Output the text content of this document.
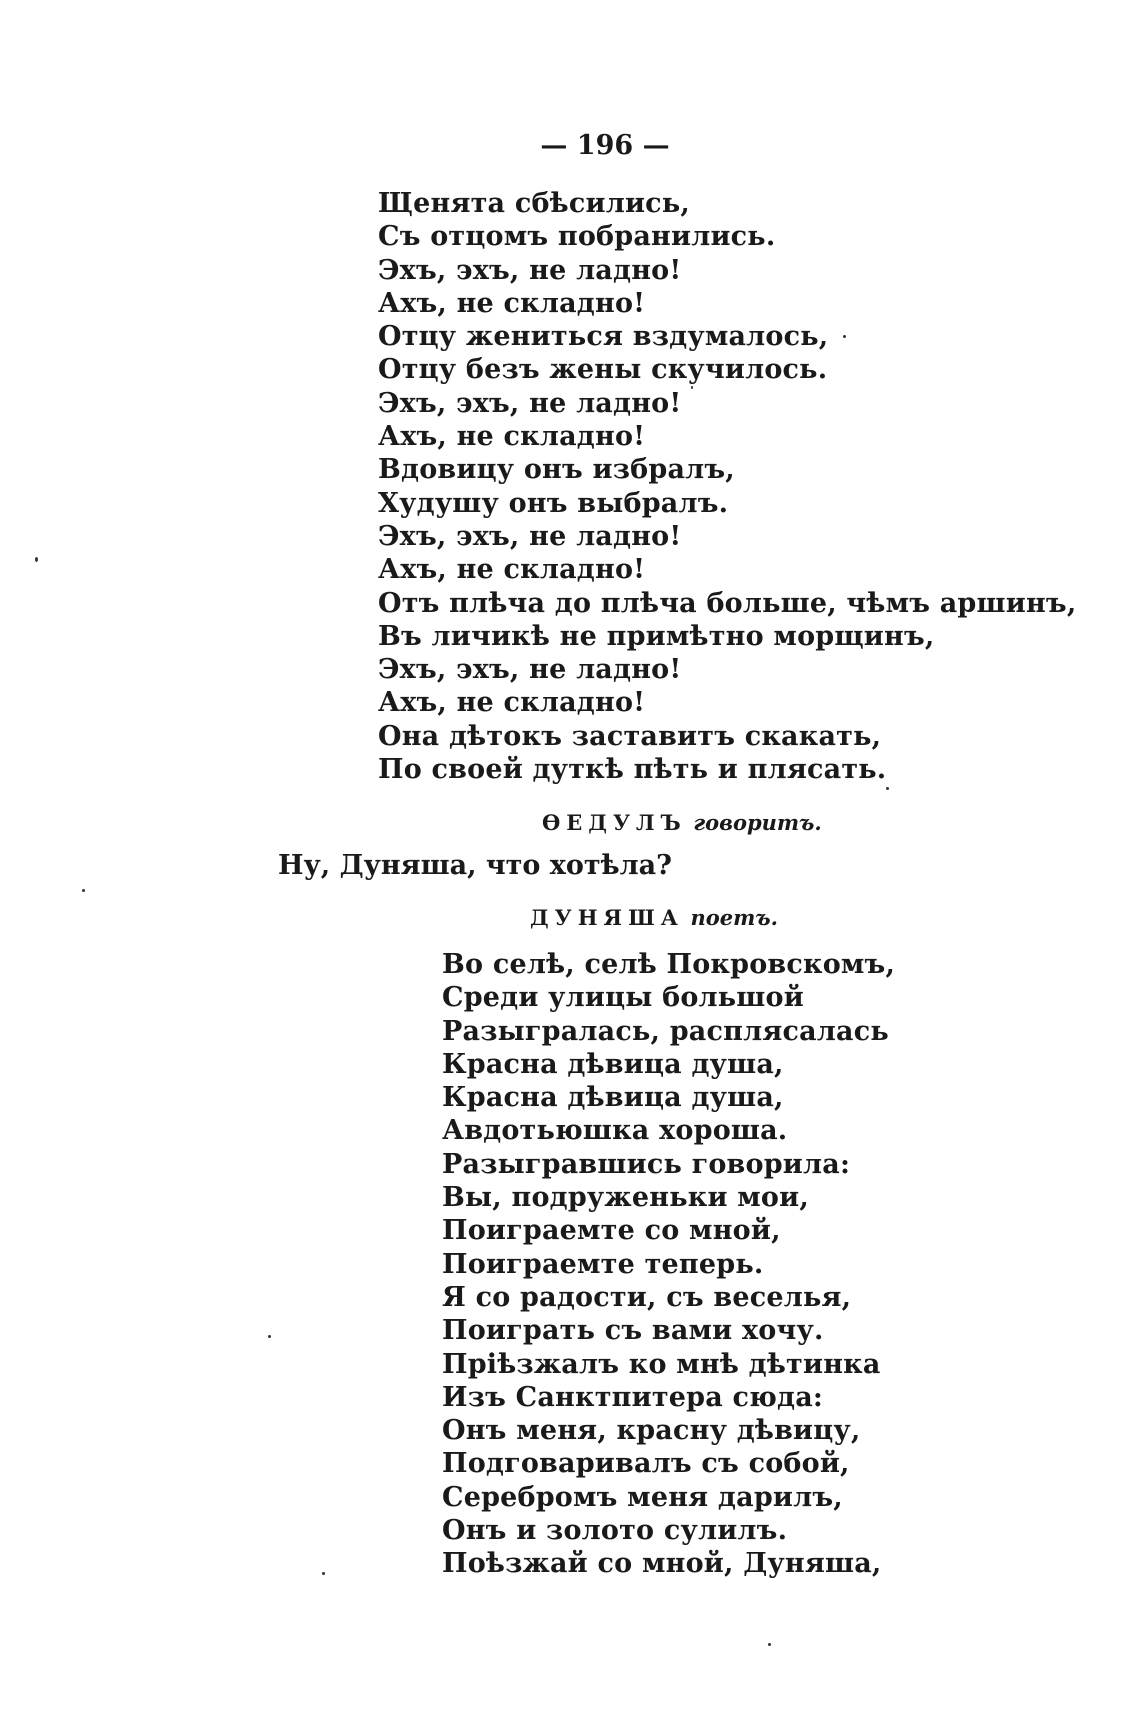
— 196 —
Щенята сбѣсились,
Съ отцомъ побранились.
Эхъ, эхъ, не ладно!
Ахъ, не складно!
Отцу жениться вздумалось,
Отцу безъ жены скучилось.
Эхъ, эхъ, не ладно!
Ахъ, не складно!
Вдовицу онъ избралъ,
Худушу онъ выбралъ.
Эхъ, эхъ, не ладно!
Ахъ, не складно!
Отъ плѣча до плѣча больше, чѣмъ аршинъ,
Въ личикѣ не примѣтно морщинъ,
Эхъ, эхъ, не ладно!
Ахъ, не складно!
Она дѣтокъ заставитъ скакать,
По своей дуткѣ пѣть и плясать.
ѲЕДУЛЪ говоритъ.
Ну, Дуняша, что хотѣла?
ДУНЯША поетъ.
Во селѣ, селѣ Покровскомъ,
Среди улицы большой
Разыгралась, расплясалась
Красна дѣвица душа,
Красна дѣвица душа,
Авдотьюшка хороша.
Разыгравшись говорила:
Вы, подруженьки мои,
Поиграемте со мной,
Поиграемте теперь.
Я со радости, съ веселья,
Поиграть съ вами хочу.
Пріѣзжалъ ко мнѣ дѣтинка
Изъ Санктпитера сюда:
Онъ меня, красну дѣвицу,
Подговаривалъ съ собой,
Серебромъ меня дарилъ,
Онъ и золото сулилъ.
Поѣзжай со мной, Дуняша,
